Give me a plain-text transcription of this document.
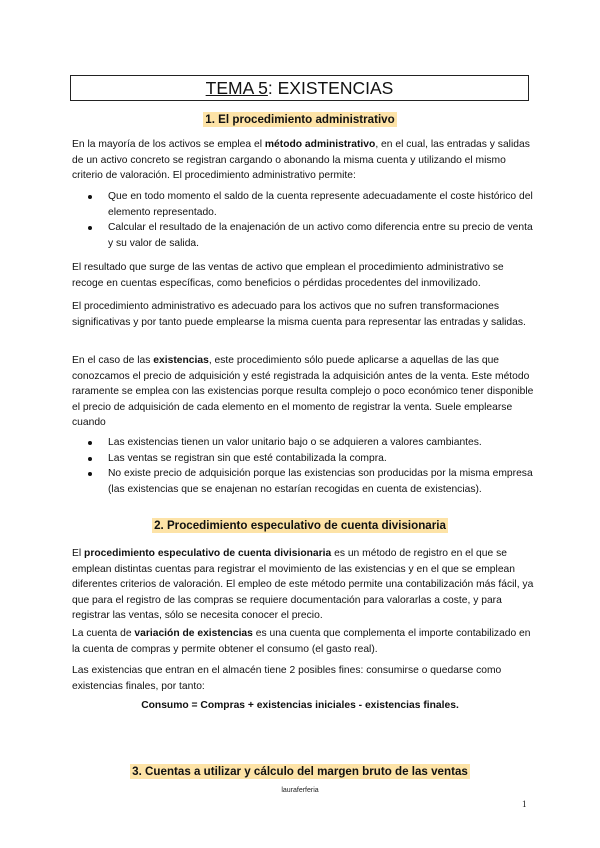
TEMA 5: EXISTENCIAS
1. El procedimiento administrativo

En la mayoría de los activos se emplea el método administrativo, en el cual, las entradas y salidas de un activo concreto se registran cargando o abonando la misma cuenta y utilizando el mismo criterio de valoración. El procedimiento administrativo permite:

Que en todo momento el saldo de la cuenta represente adecuadamente el coste histórico del elemento representado.
Calcular el resultado de la enajenación de un activo como diferencia entre su precio de venta y su valor de salida.

El resultado que surge de las ventas de activo que emplean el procedimiento administrativo se recoge en cuentas específicas, como beneficios o pérdidas procedentes del inmovilizado.

El procedimiento administrativo es adecuado para los activos que no sufren transformaciones significativas y por tanto puede emplearse la misma cuenta para representar las entradas y salidas.

En el caso de las existencias, este procedimiento sólo puede aplicarse a aquellas de las que conozcamos el precio de adquisición y esté registrada la adquisición antes de la venta. Este método raramente se emplea con las existencias porque resulta complejo o poco económico tener disponible el precio de adquisición de cada elemento en el momento de registrar la venta. Suele emplearse cuando

Las existencias tienen un valor unitario bajo o se adquieren a valores cambiantes.
Las ventas se registran sin que esté contabilizada la compra.
No existe precio de adquisición porque las existencias son producidas por la misma empresa (las existencias que se enajenan no estarían recogidas en cuenta de existencias).
2. Procedimiento especulativo de cuenta divisionaria

El procedimiento especulativo de cuenta divisionaria es un método de registro en el que se emplean distintas cuentas para registrar el movimiento de las existencias y en el que se emplean diferentes criterios de valoración. El empleo de este método permite una contabilización más fácil, ya que para el registro de las compras se requiere documentación para valorarlas a coste, y para registrar las ventas, sólo se necesita conocer el precio.

La cuenta de variación de existencias es una cuenta que complementa el importe contabilizado en la cuenta de compras y permite obtener el consumo (el gasto real).

Las existencias que entran en el almacén tiene 2 posibles fines: consumirse o quedarse como existencias finales, por tanto:

Consumo = Compras + existencias iniciales - existencias finales.
3. Cuentas a utilizar y cálculo del margen bruto de las ventas
lauraferferia
1
